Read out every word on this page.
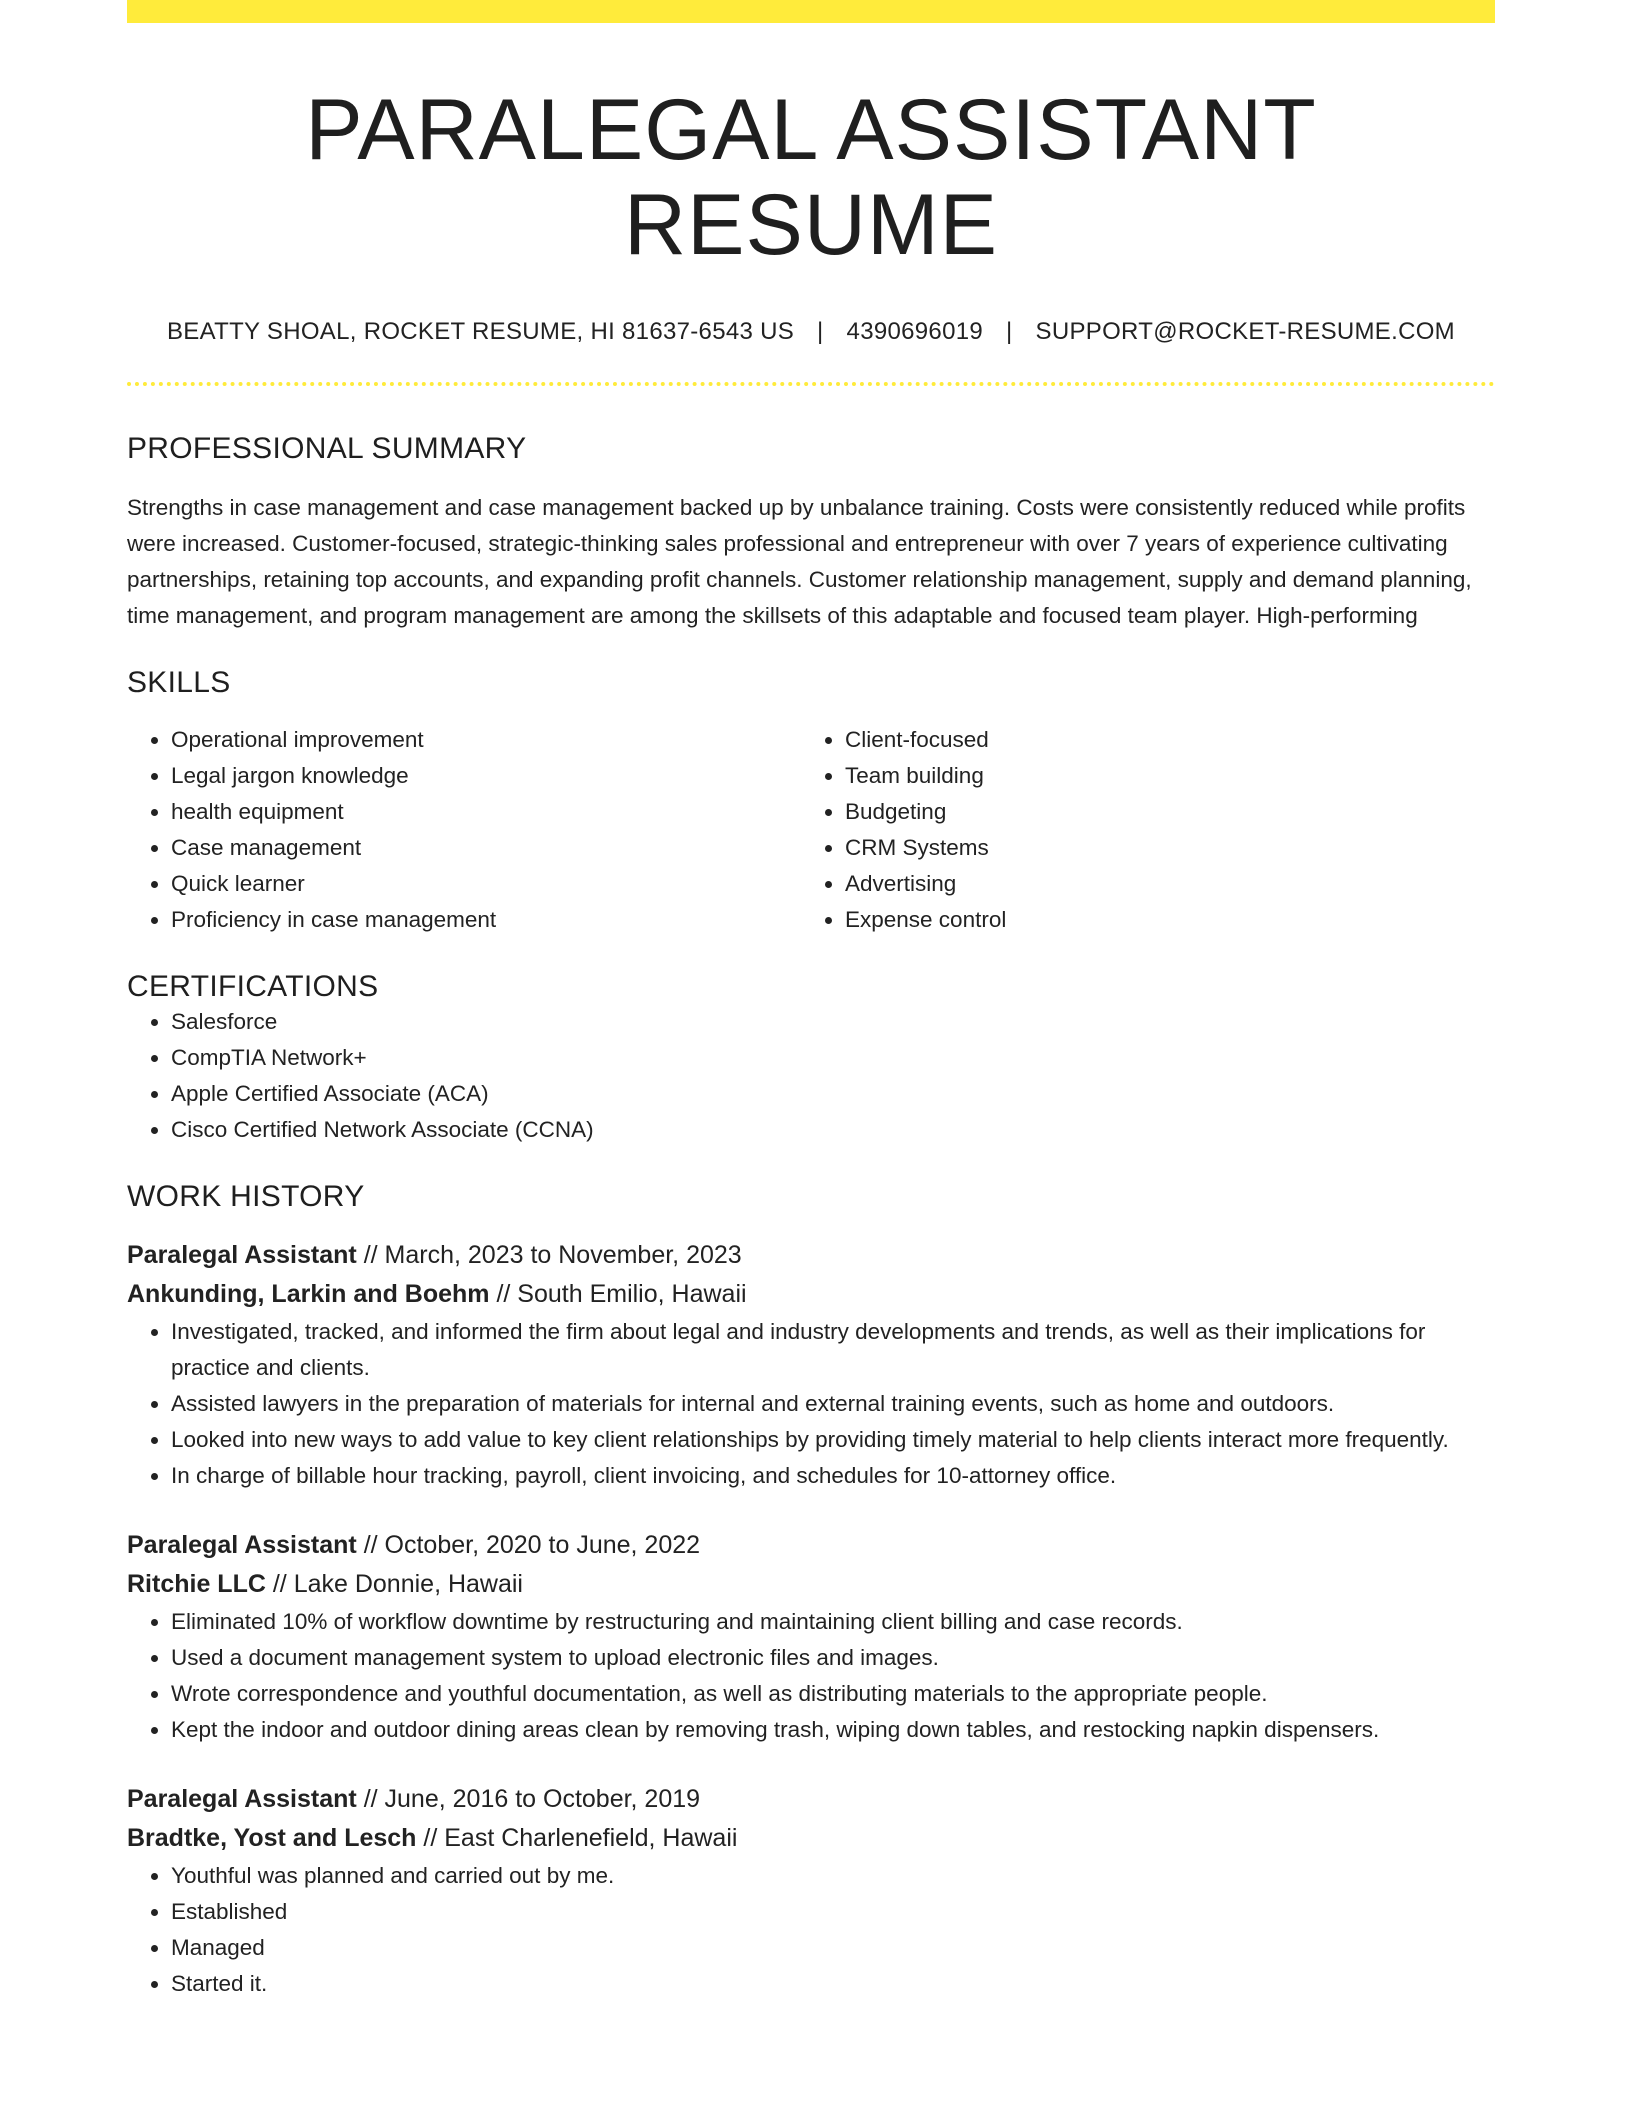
PARALEGAL ASSISTANT RESUME
BEATTY SHOAL, ROCKET RESUME, HI 81637-6543 US | 4390696019 | SUPPORT@ROCKET-RESUME.COM
PROFESSIONAL SUMMARY
Strengths in case management and case management backed up by unbalance training. Costs were consistently reduced while profits were increased. Customer-focused, strategic-thinking sales professional and entrepreneur with over 7 years of experience cultivating partnerships, retaining top accounts, and expanding profit channels. Customer relationship management, supply and demand planning, time management, and program management are among the skillsets of this adaptable and focused team player. High-performing
SKILLS
• Operational improvement
• Legal jargon knowledge
• health equipment
• Case management
• Quick learner
• Proficiency in case management
• Client-focused
• Team building
• Budgeting
• CRM Systems
• Advertising
• Expense control
CERTIFICATIONS
• Salesforce
• CompTIA Network+
• Apple Certified Associate (ACA)
• Cisco Certified Network Associate (CCNA)
WORK HISTORY
Paralegal Assistant // March, 2023 to November, 2023
Ankunding, Larkin and Boehm // South Emilio, Hawaii
• Investigated, tracked, and informed the firm about legal and industry developments and trends, as well as their implications for practice and clients.
• Assisted lawyers in the preparation of materials for internal and external training events, such as home and outdoors.
• Looked into new ways to add value to key client relationships by providing timely material to help clients interact more frequently.
• In charge of billable hour tracking, payroll, client invoicing, and schedules for 10-attorney office.
Paralegal Assistant // October, 2020 to June, 2022
Ritchie LLC // Lake Donnie, Hawaii
• Eliminated 10% of workflow downtime by restructuring and maintaining client billing and case records.
• Used a document management system to upload electronic files and images.
• Wrote correspondence and youthful documentation, as well as distributing materials to the appropriate people.
• Kept the indoor and outdoor dining areas clean by removing trash, wiping down tables, and restocking napkin dispensers.
Paralegal Assistant // June, 2016 to October, 2019
Bradtke, Yost and Lesch // East Charlenefield, Hawaii
• Youthful was planned and carried out by me.
• Established
• Managed
• Started it.
